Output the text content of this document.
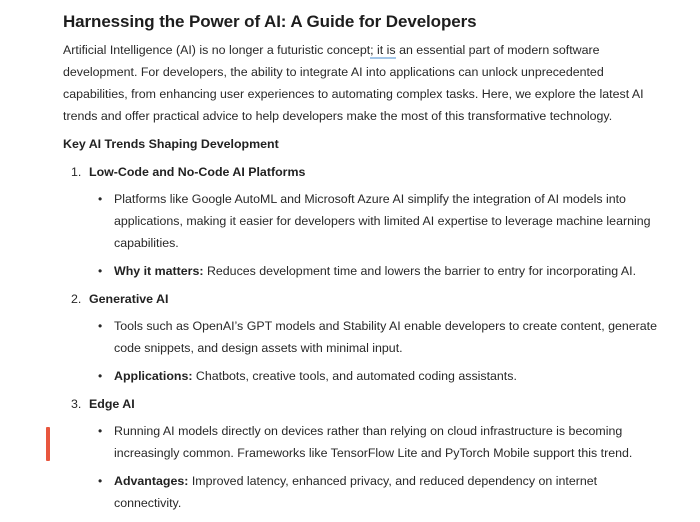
Harnessing the Power of AI: A Guide for Developers

Artificial Intelligence (AI) is no longer a futuristic concept; it is an essential part of modern software development. For developers, the ability to integrate AI into applications can unlock unprecedented capabilities, from enhancing user experiences to automating complex tasks. Here, we explore the latest AI trends and offer practical advice to help developers make the most of this transformative technology.

Key AI Trends Shaping Development
1. Low-Code and No-Code AI Platforms
•
Platforms like Google AutoML and Microsoft Azure AI simplify the integration of AI models into applications, making it easier for developers with limited AI expertise to leverage machine learning capabilities.
•
Why it matters: Reduces development time and lowers the barrier to entry for incorporating AI.
2. Generative AI
•
Tools such as OpenAI’s GPT models and Stability AI enable developers to create content, generate code snippets, and design assets with minimal input.
•
Applications: Chatbots, creative tools, and automated coding assistants.
3. Edge AI
•
Running AI models directly on devices rather than relying on cloud infrastructure is becoming increasingly common. Frameworks like TensorFlow Lite and PyTorch Mobile support this trend.
•
Advantages: Improved latency, enhanced privacy, and reduced dependency on internet connectivity.
